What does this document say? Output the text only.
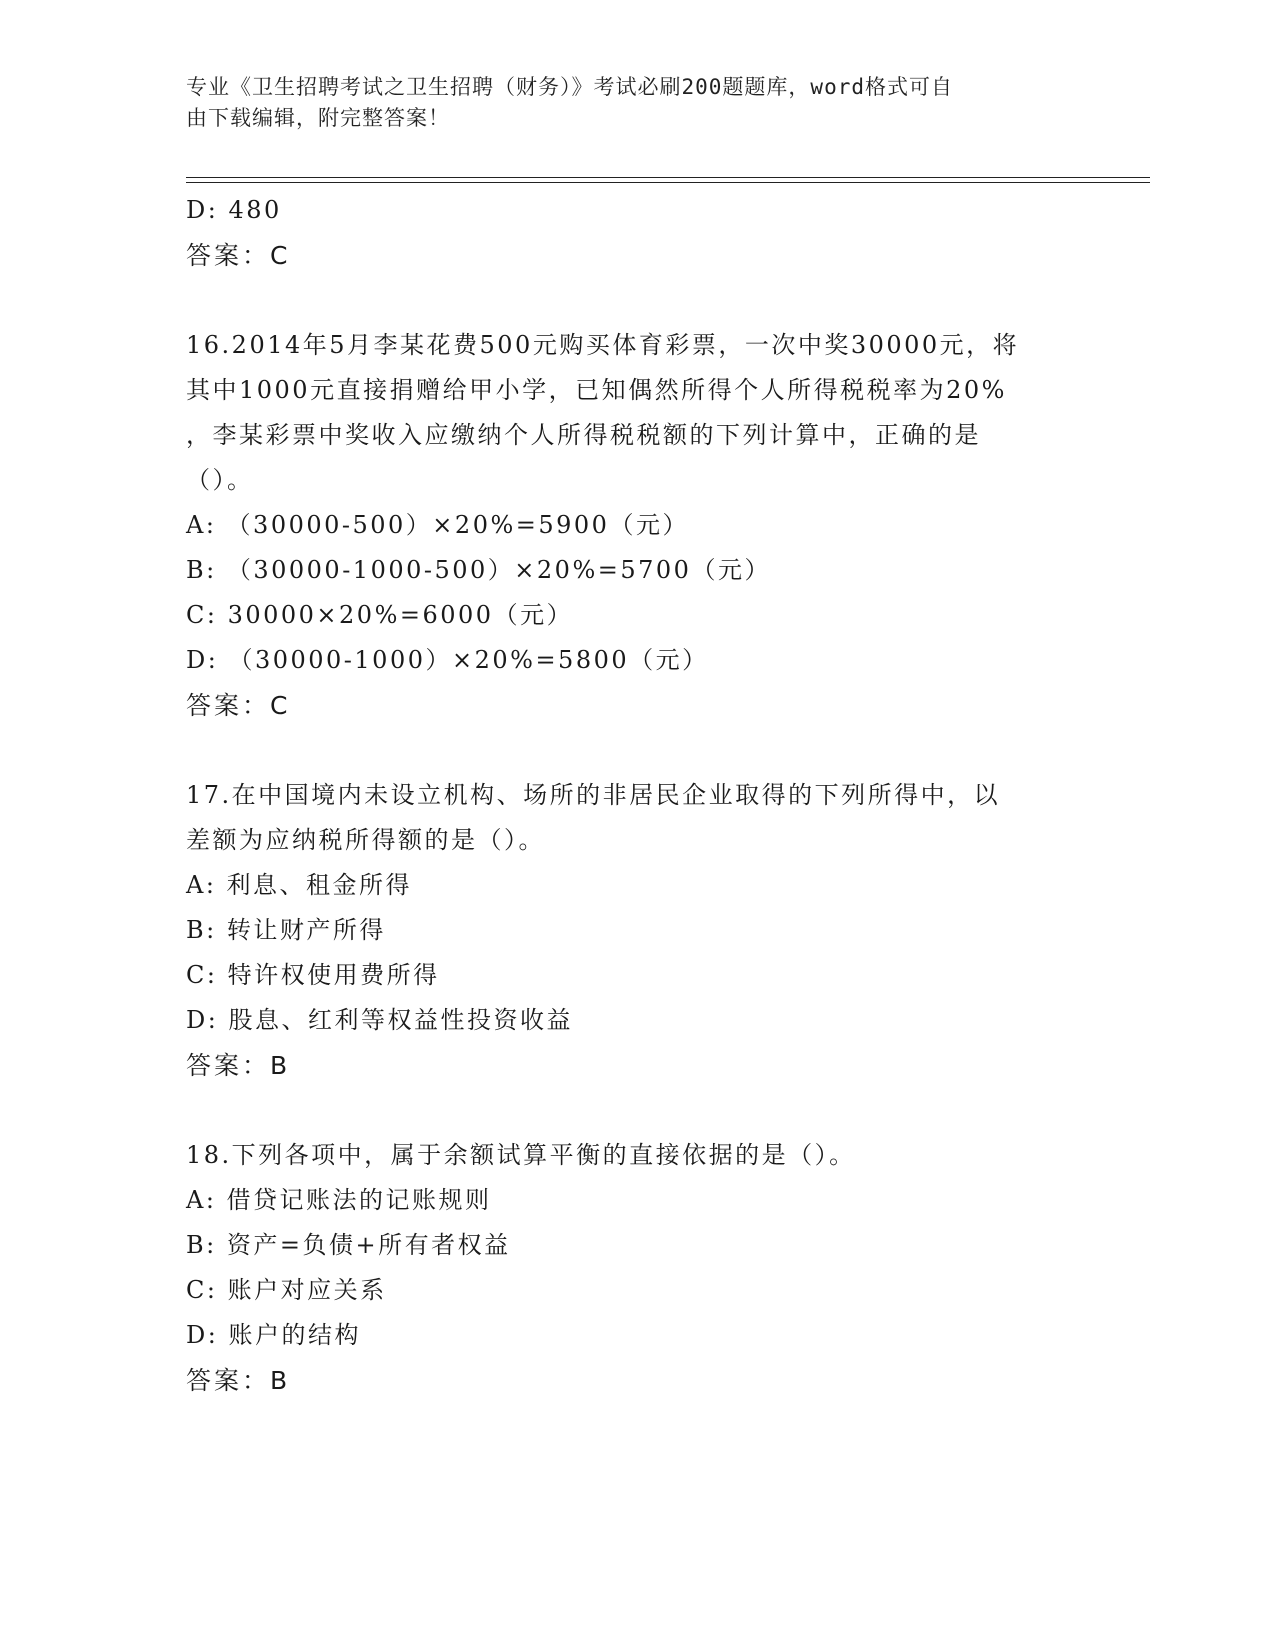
专业《卫生招聘考试之卫生招聘（财务）》考试必刷200题题库，word格式可自
由下载编辑，附完整答案！
D: 480
答案：C
16.2014年5月李某花费500元购买体育彩票，一次中奖30000元，将
其中1000元直接捐赠给甲小学，已知偶然所得个人所得税税率为20%
，李某彩票中奖收入应缴纳个人所得税税额的下列计算中，正确的是
（）。
A: （30000-500）×20%=5900（元）
B: （30000-1000-500）×20%=5700（元）
C: 30000×20%=6000（元）
D: （30000-1000）×20%=5800（元）
答案：C
17.在中国境内未设立机构、场所的非居民企业取得的下列所得中，以
差额为应纳税所得额的是（）。
A: 利息、租金所得
B: 转让财产所得
C: 特许权使用费所得
D: 股息、红利等权益性投资收益
答案：B
18.下列各项中，属于余额试算平衡的直接依据的是（）。
A: 借贷记账法的记账规则
B: 资产=负债+所有者权益
C: 账户对应关系
D: 账户的结构
答案：B
